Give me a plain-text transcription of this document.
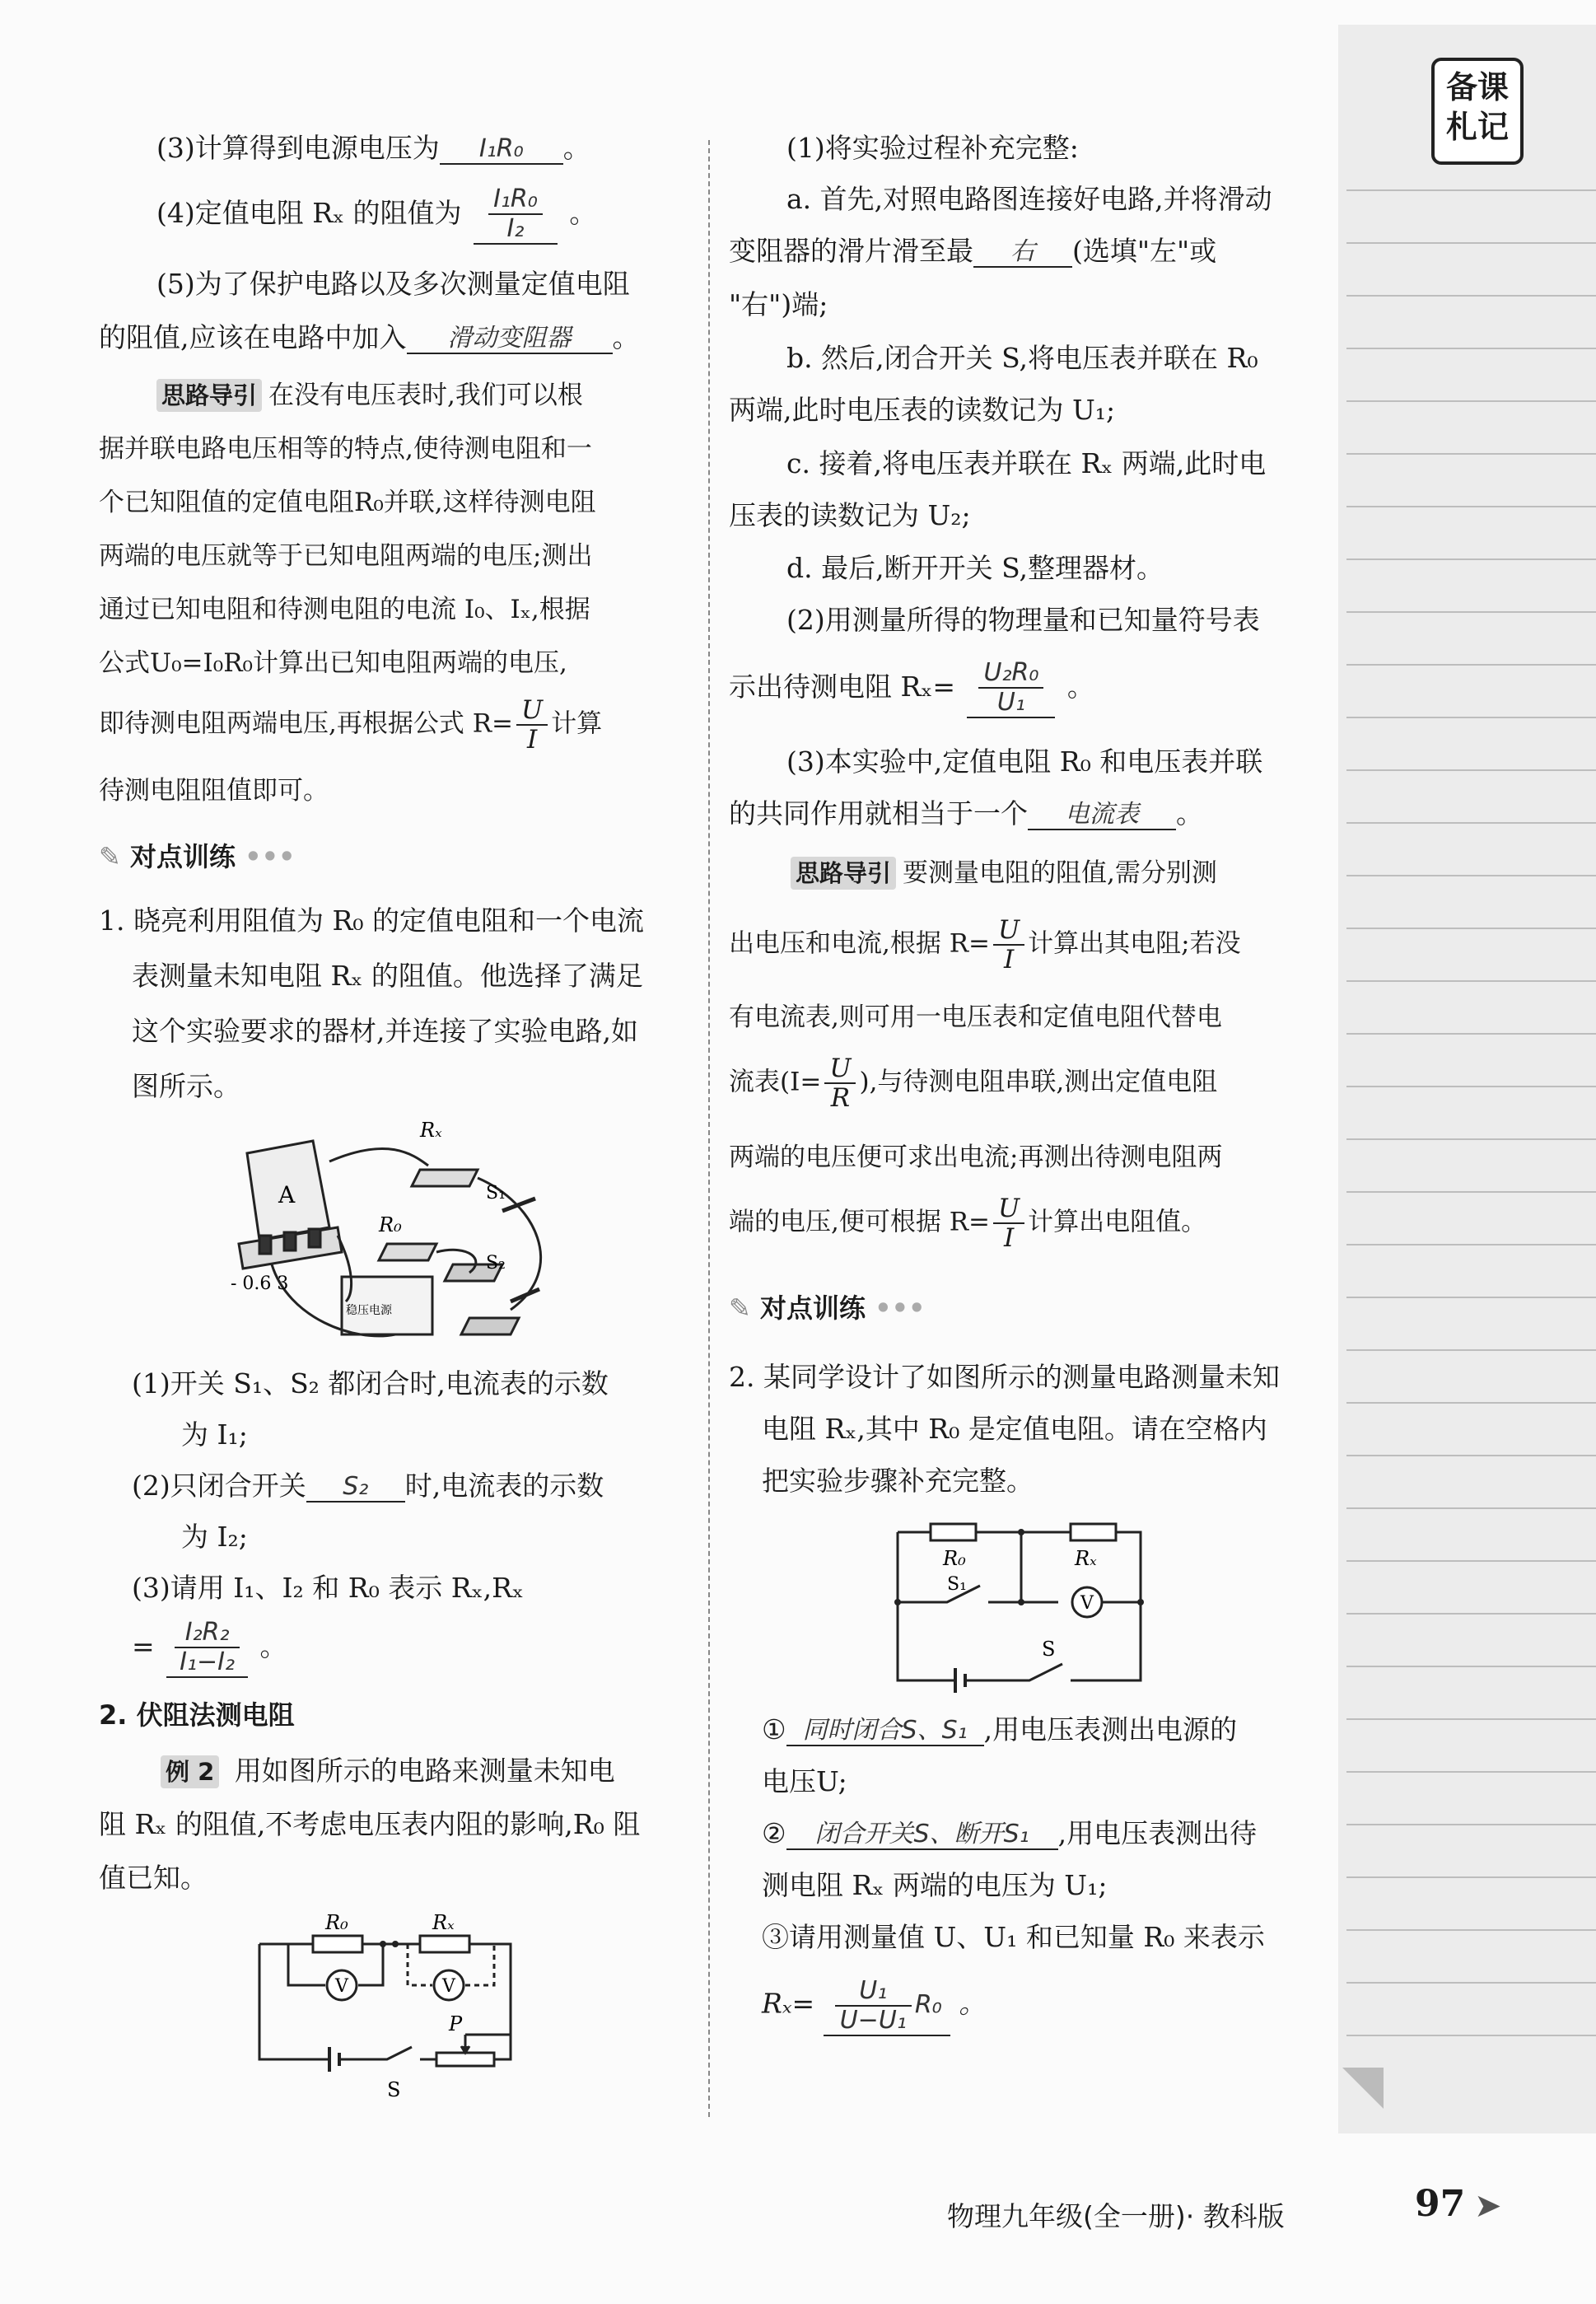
备课
札记
(3)计算得到电源电压为 I₁R₀ 。
(4)定值电阻 Rₓ 的阻值为 $\frac{\text{I₁R₀}}{\text{I₂}}$ 。
(5)为了保护电路以及多次测量定值电阻
的阻值,应该在电路中加入 滑动变阻器 。
思路导引 在没有电压表时,我们可以根
据并联电路电压相等的特点,使待测电阻和一
个已知阻值的定值电阻R₀并联,这样待测电阻
两端的电压就等于已知电阻两端的电压;测出
通过已知电阻和待测电阻的电流 I₀、Iₓ,根据
公式U₀=I₀R₀计算出已知电阻两端的电压,
即待测电阻两端电压,再根据公式 $R= \frac{U}{I}$ 计算
待测电阻阻值即可。
✎ 对点训练 •••
1. 晓亮利用阻值为 R₀ 的定值电阻和一个电流
表测量未知电阻 Rₓ 的阻值。他选择了满足
这个实验要求的器材,并连接了实验电路,如
图所示。
A
Rₓ
R₀
S₁
S₂
- 0.6 3
稳压电源
(1)开关 S₁、S₂ 都闭合时,电流表的示数
为 I₁;
(2)只闭合开关 S₂ 时,电流表的示数
为 I₂;
(3)请用 I₁、I₂ 和 R₀ 表示 Rₓ,Rₓ
= $\frac{\text{I₂R₂}}{\text{I₁−I₂}}$ 。
2. 伏阻法测电阻
例 2 用如图所示的电路来测量未知电
阻 Rₓ 的阻值,不考虑电压表内阻的影响,R₀ 阻
值已知。
R₀	Rₓ
V	V
P
S
(1)将实验过程补充完整:
a. 首先,对照电路图连接好电路,并将滑动
变阻器的滑片滑至最 右 (选填"左"或
"右")端;
b. 然后,闭合开关 S,将电压表并联在 R₀
两端,此时电压表的读数记为 U₁;
c. 接着,将电压表并联在 Rₓ 两端,此时电
压表的读数记为 U₂;
d. 最后,断开开关 S,整理器材。
(2)用测量所得的物理量和已知量符号表
示出待测电阻 $R_x= \frac{\text{U₂R₀}}{\text{U₁}}$ 。
(3)本实验中,定值电阻 R₀ 和电压表并联
的共同作用就相当于一个 电流表 。
思路导引 要测量电阻的阻值,需分别测
出电压和电流,根据 $R= \frac{U}{I}$ 计算出其电阻;若没
有电流表,则可用一电压表和定值电阻代替电
流表($I= \frac{U}{R}$ ),与待测电阻串联,测出定值电阻
两端的电压便可求出电流;再测出待测电阻两
端的电压,便可根据 $R= \frac{U}{I}$ 计算出电阻值。
✎ 对点训练 •••
2. 某同学设计了如图所示的测量电路测量未知
电阻 Rₓ,其中 R₀ 是定值电阻。请在空格内
把实验步骤补充完整。
R₀	Rₓ
S₁
V
S
① 同时闭合S、S₁ ,用电压表测出电源的
电压U;
② 闭合开关S、断开S₁ ,用电压表测出待
测电阻 Rₓ 两端的电压为 U₁;
③请用测量值 U、U₁ 和已知量 R₀ 来表示
$R_x= \frac{\text{U₁}}{\text{U−U₁}} R_0$ 。
物理九年级(全一册)· 教科版	97 ➤
